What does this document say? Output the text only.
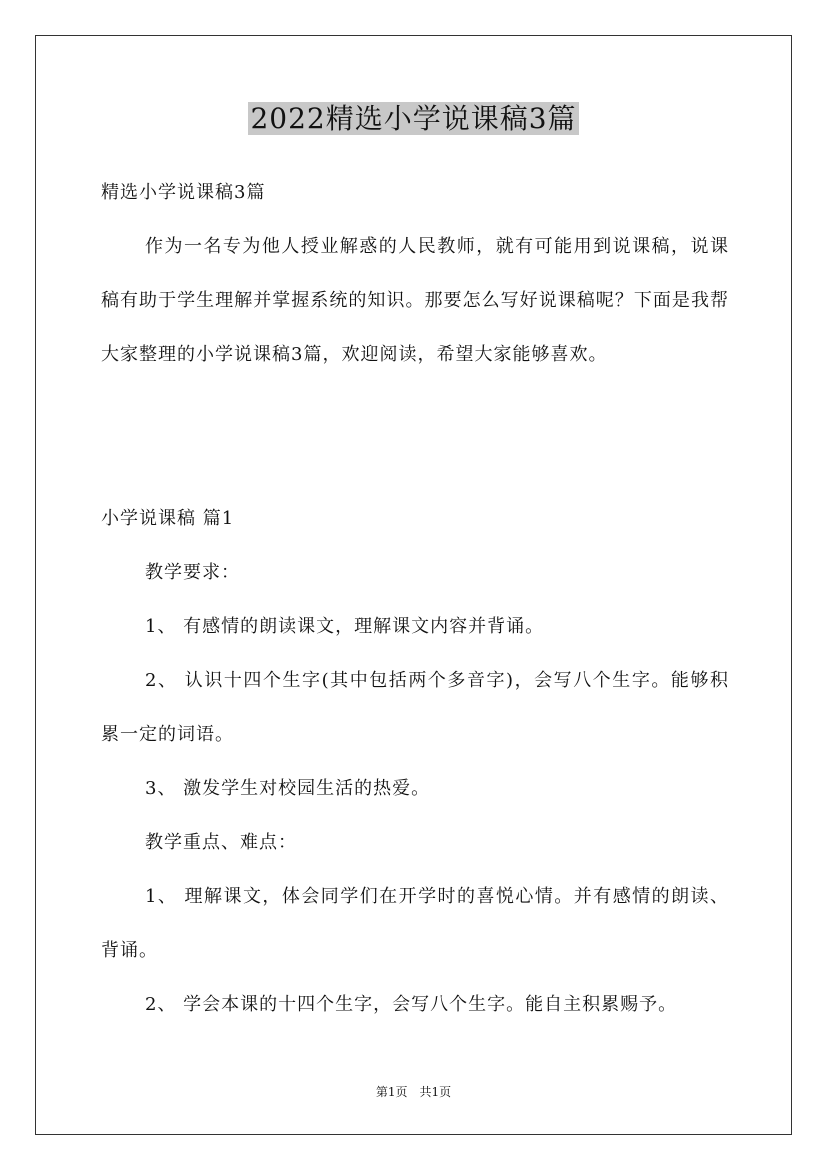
2022精选小学说课稿3篇

精选小学说课稿3篇

作为一名专为他人授业解惑的人民教师，就有可能用到说课稿，说课稿有助于学生理解并掌握系统的知识。那要怎么写好说课稿呢？下面是我帮大家整理的小学说课稿3篇，欢迎阅读，希望大家能够喜欢。

小学说课稿 篇1

教学要求：

1、 有感情的朗读课文，理解课文内容并背诵。

2、 认识十四个生字(其中包括两个多音字)，会写八个生字。能够积累一定的词语。

3、 激发学生对校园生活的热爱。

教学重点、难点：

1、 理解课文，体会同学们在开学时的喜悦心情。并有感情的朗读、背诵。

2、 学会本课的十四个生字，会写八个生字。能自主积累赐予。

第1页　共1页
